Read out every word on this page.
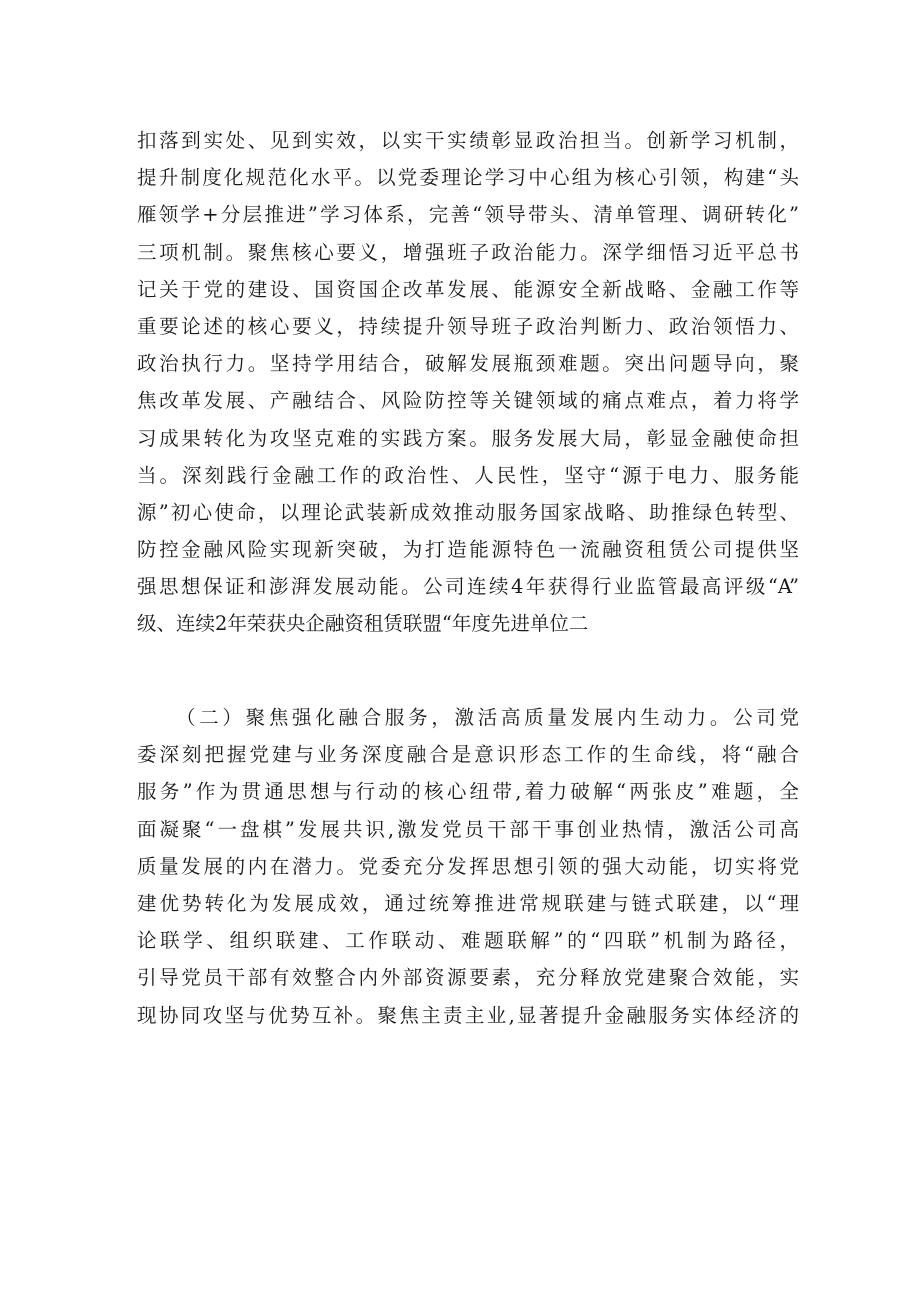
扣落到实处、见到实效，以实干实绩彰显政治担当。创新学习机制，
提升制度化规范化水平。以党委理论学习中心组为核心引领，构建“头
雁领学+分层推进”学习体系，完善“领导带头、清单管理、调研转化”
三项机制。聚焦核心要义，增强班子政治能力。深学细悟习近平总书
记关于党的建设、国资国企改革发展、能源安全新战略、金融工作等
重要论述的核心要义，持续提升领导班子政治判断力、政治领悟力、
政治执行力。坚持学用结合，破解发展瓶颈难题。突出问题导向，聚
焦改革发展、产融结合、风险防控等关键领域的痛点难点，着力将学
习成果转化为攻坚克难的实践方案。服务发展大局，彰显金融使命担
当。深刻践行金融工作的政治性、人民性，坚守“源于电力、服务能
源”初心使命，以理论武装新成效推动服务国家战略、助推绿色转型、
防控金融风险实现新突破，为打造能源特色一流融资租赁公司提供坚
强思想保证和澎湃发展动能。公司连续4年获得行业监管最高评级“A”
级、连续2年荣获央企融资租赁联盟“年度先进单位二
（二）聚焦强化融合服务，激活高质量发展内生动力。公司党
委深刻把握党建与业务深度融合是意识形态工作的生命线，将“融合
服务”作为贯通思想与行动的核心纽带,着力破解“两张皮”难题，全
面凝聚“一盘棋”发展共识,激发党员干部干事创业热情，激活公司高
质量发展的内在潜力。党委充分发挥思想引领的强大动能，切实将党
建优势转化为发展成效，通过统筹推进常规联建与链式联建，以“理
论联学、组织联建、工作联动、难题联解”的“四联”机制为路径，
引导党员干部有效整合内外部资源要素，充分释放党建聚合效能，实
现协同攻坚与优势互补。聚焦主责主业,显著提升金融服务实体经济的
